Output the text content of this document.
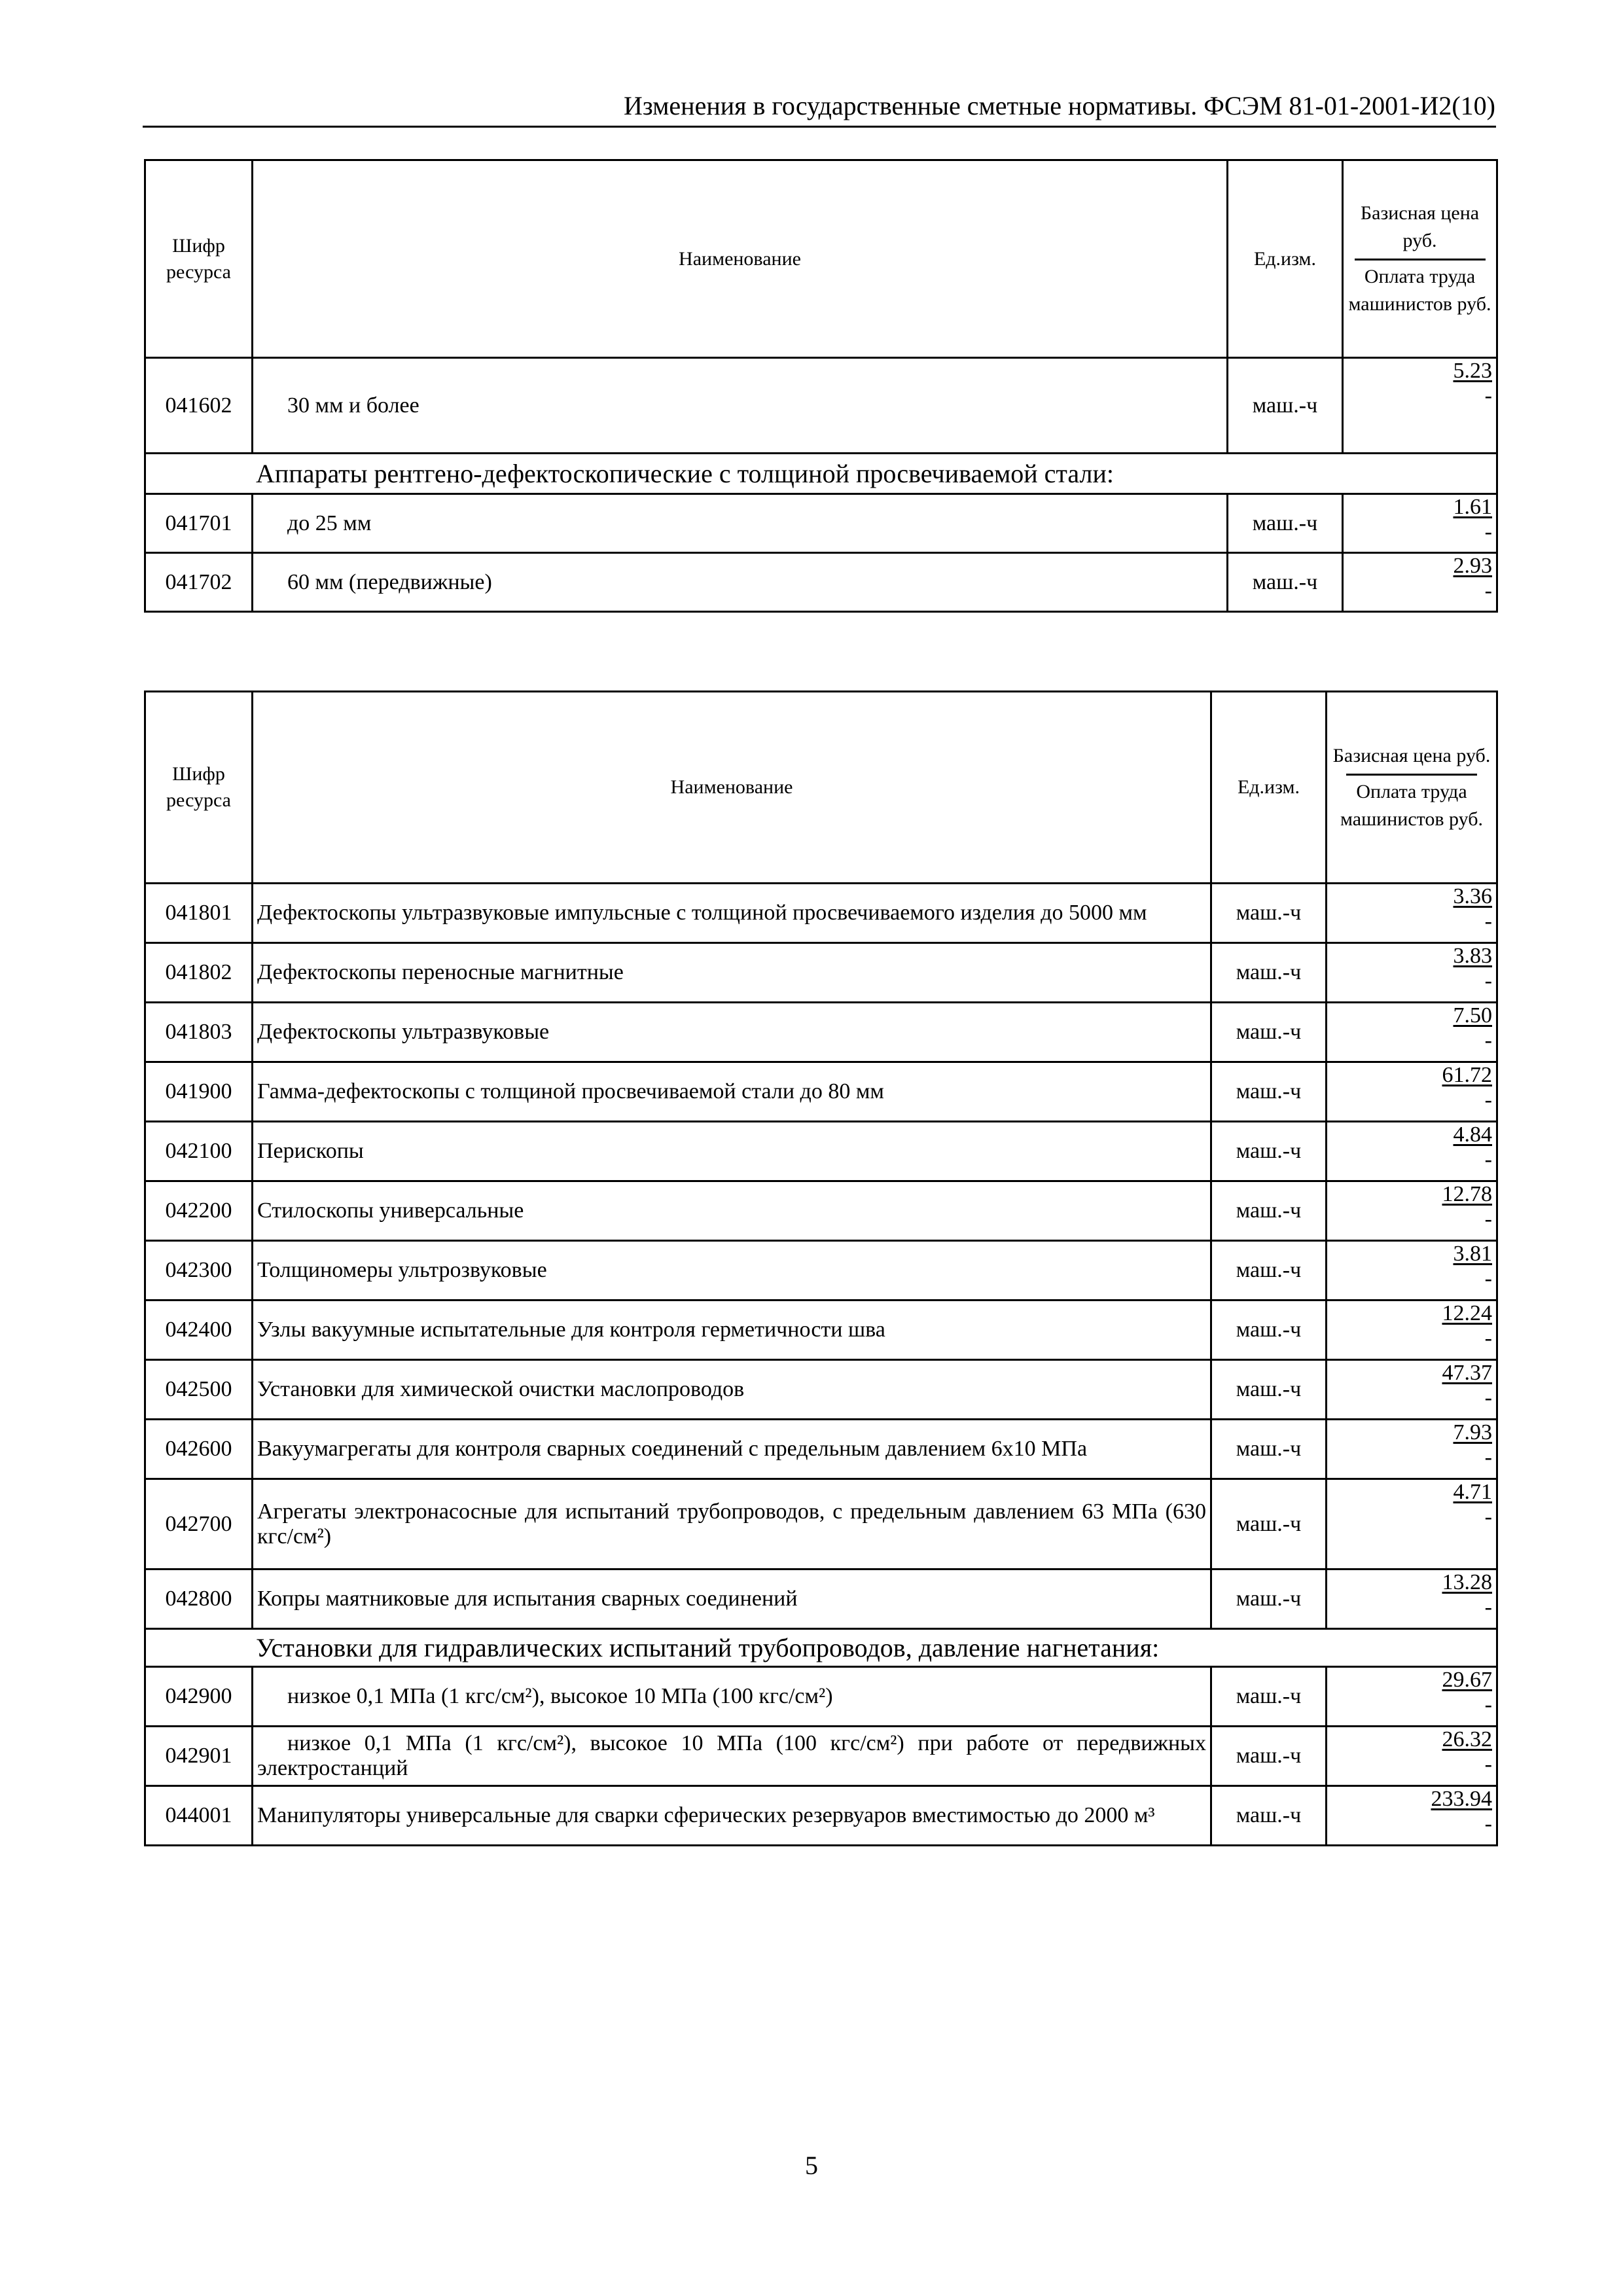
Изменения в государственные сметные нормативы. ФСЭМ 81-01-2001-И2(10)
Шифр ресурса	Наименование	Ед.изм.	Базисная цена руб.
Оплата труда машинистов руб.

041602	30 мм и более	маш.-ч	5.23
-

Аппараты рентгено-дефектоскопические с толщиной просвечиваемой стали:			
041701	до 25 мм	маш.-ч	1.61
-

041702	60 мм (передвижные)	маш.-ч	2.93
-
Шифр ресурса	Наименование	Ед.изм.	Базисная цена руб.
Оплата труда машинистов руб.

041801	Дефектоскопы ультразвуковые импульсные с толщиной просвечиваемого изделия до 5000 мм	маш.-ч	3.36
-

041802	Дефектоскопы переносные магнитные	маш.-ч	3.83
-

041803	Дефектоскопы ультразвуковые	маш.-ч	7.50
-

041900	Гамма-дефектоскопы с толщиной просвечиваемой стали до 80 мм	маш.-ч	61.72
-

042100	Перископы	маш.-ч	4.84
-

042200	Стилоскопы универсальные	маш.-ч	12.78
-

042300	Толщиномеры ультрозвуковые	маш.-ч	3.81
-

042400	Узлы вакуумные испытательные для контроля герметичности шва	маш.-ч	12.24
-

042500	Установки для химической очистки маслопроводов	маш.-ч	47.37
-

042600	Вакуумагрегаты для контроля сварных соединений с предельным давлением 6х10 МПа	маш.-ч	7.93
-

042700	Агрегаты электронасосные для испытаний трубопроводов, с предельным давлением 63 МПа (630 кгс/см²)	маш.-ч	4.71
-

042800	Копры маятниковые для испытания сварных соединений	маш.-ч	13.28
-

Установки для гидравлических испытаний трубопроводов, давление нагнетания:			
042900	низкое 0,1 МПа (1 кгс/см²), высокое 10 МПа (100 кгс/см²)	маш.-ч	29.67
-

042901	низкое 0,1 МПа (1 кгс/см²), высокое 10 МПа (100 кгс/см²) при работе от передвижных электростанций	маш.-ч	26.32
-

044001	Манипуляторы универсальные для сварки сферических резервуаров вместимостью до 2000 м³	маш.-ч	233.94
-
5
